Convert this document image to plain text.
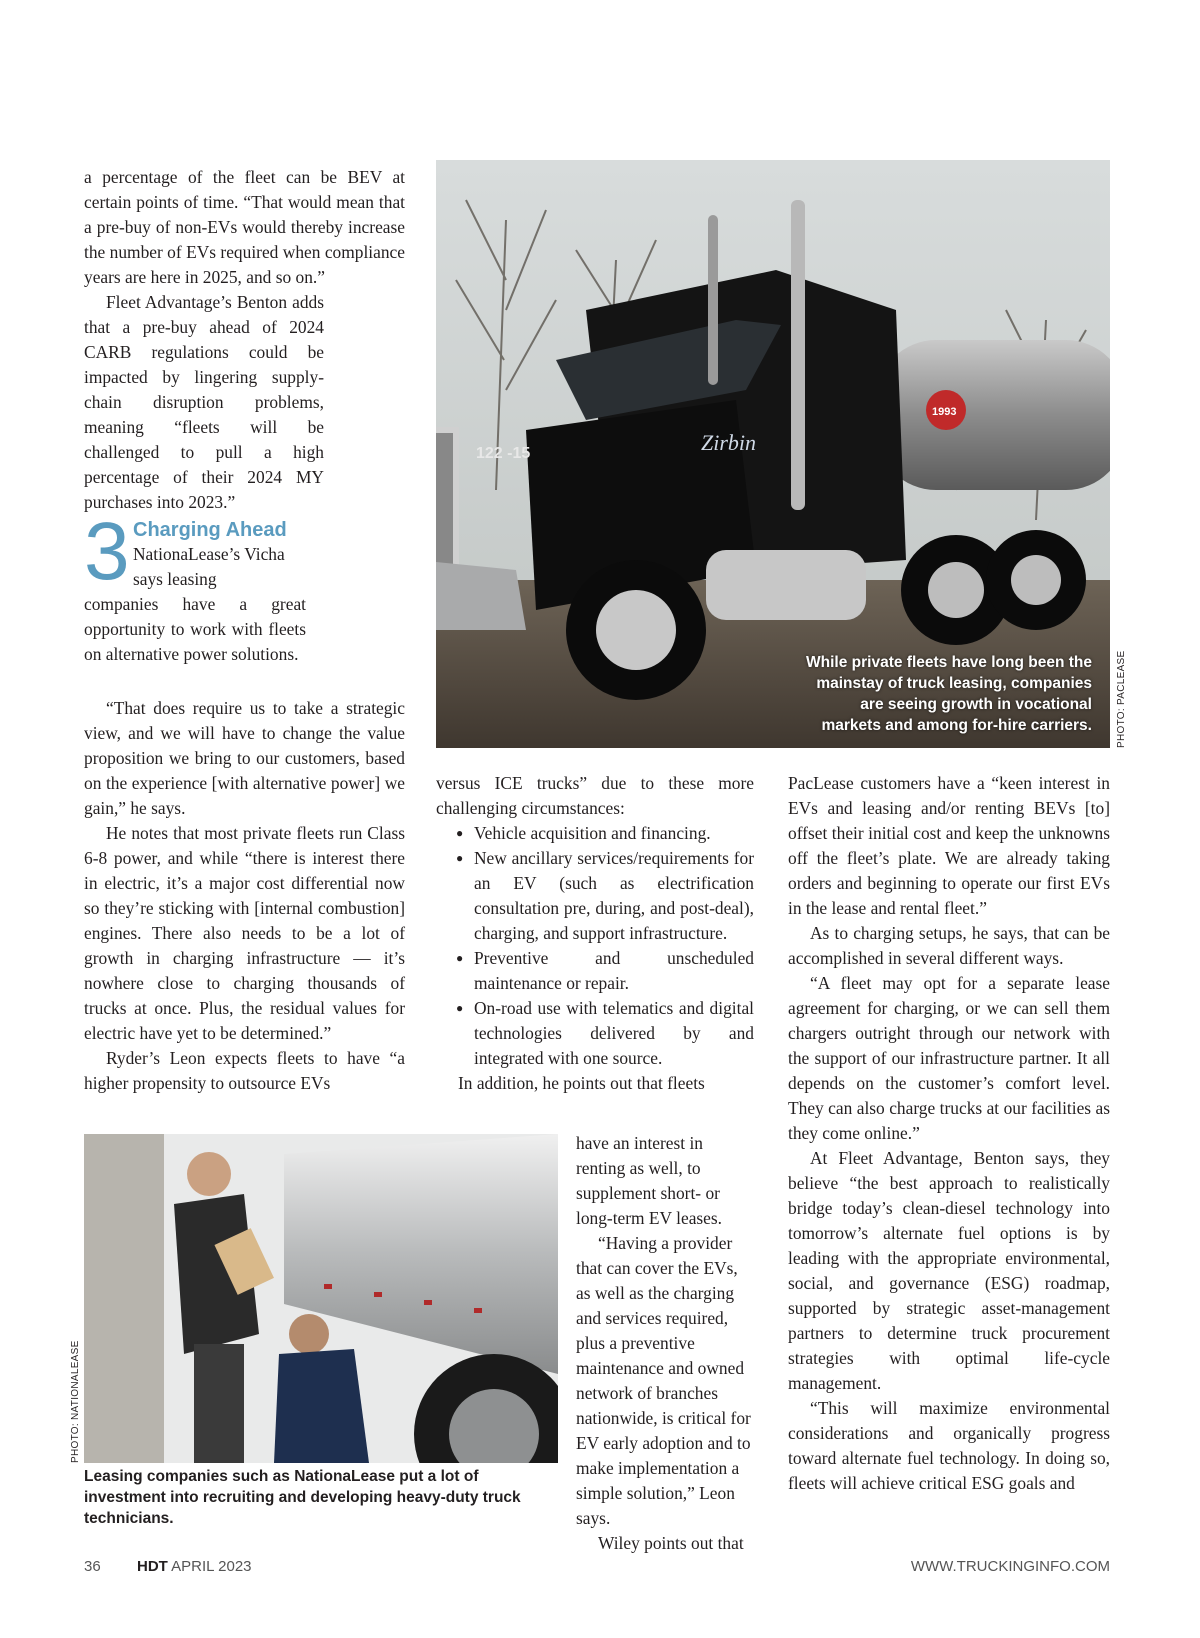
a percentage of the fleet can be BEV at certain points of time. “That would mean that a pre-buy of non-EVs would thereby increase the number of EVs required when compliance years are here in 2025, and so on.”

Fleet Advantage’s Benton adds that a pre-buy ahead of 2024 CARB regulations could be impacted by lingering supply-chain disruption problems, meaning “fleets will be challenged to pull a high percentage of their 2024 MY purchases into 2023.”

3 Charging Ahead

NationaLease’s Vicha says leasing

companies have a great opportunity to work with fleets on alternative power solutions.

“That does require us to take a strategic view, and we will have to change the value proposition we bring to our customers, based on the experience [with alternative power] we gain,” he says.

He notes that most private fleets run Class 6-8 power, and while “there is interest there in electric, it’s a major cost differential now so they’re sticking with [internal combustion] engines. There also needs to be a lot of growth in charging infrastructure — it’s nowhere close to charging thousands of trucks at once. Plus, the residual values for electric have yet to be determined.”

Ryder’s Leon expects fleets to have “a higher propensity to outsource EVs

122 -15	Zirbin
1993
While private fleets have long been the mainstay of truck leasing, companies are seeing growth in vocational markets and among for-hire carriers. PHOTO: PACLEASE

versus ICE trucks” due to these more challenging circumstances:

● Vehicle acquisition and financing.
● New ancillary services/requirements for an EV (such as electrification consultation pre, during, and post-deal), charging, and support infrastructure.
● Preventive and unscheduled maintenance or repair.
● On-road use with telematics and digital technologies delivered by and integrated with one source.

In addition, he points out that fleets

have an interest in renting as well, to supplement short- or long-term EV leases.

“Having a provider that can cover the EVs, as well as the charging and services required, plus a preventive maintenance and owned network of branches nationwide, is critical for EV early adoption and to make implementation a simple solution,” Leon says.

Wiley points out that

PHOTO: NATIONALEASE
Leasing companies such as NationaLease put a lot of investment into recruiting and developing heavy-duty truck technicians.

PacLease customers have a “keen interest in EVs and leasing and/or renting BEVs [to] offset their initial cost and keep the unknowns off the fleet’s plate. We are already taking orders and beginning to operate our first EVs in the lease and rental fleet.”

As to charging setups, he says, that can be accomplished in several different ways.

“A fleet may opt for a separate lease agreement for charging, or we can sell them chargers outright through our network with the support of our infrastructure partner. It all depends on the customer’s comfort level. They can also charge trucks at our facilities as they come online.”

At Fleet Advantage, Benton says, they believe “the best approach to realistically bridge today’s clean-diesel technology into tomorrow’s alternate fuel options is by leading with the appropriate environmental, social, and governance (ESG) roadmap, supported by strategic asset-management partners to determine truck procurement strategies with optimal life-cycle management.

“This will maximize environmental considerations and organically progress toward alternate fuel technology. In doing so, fleets will achieve critical ESG goals and

36 HDT APRIL 2023	WWW.TRUCKINGINFO.COM
